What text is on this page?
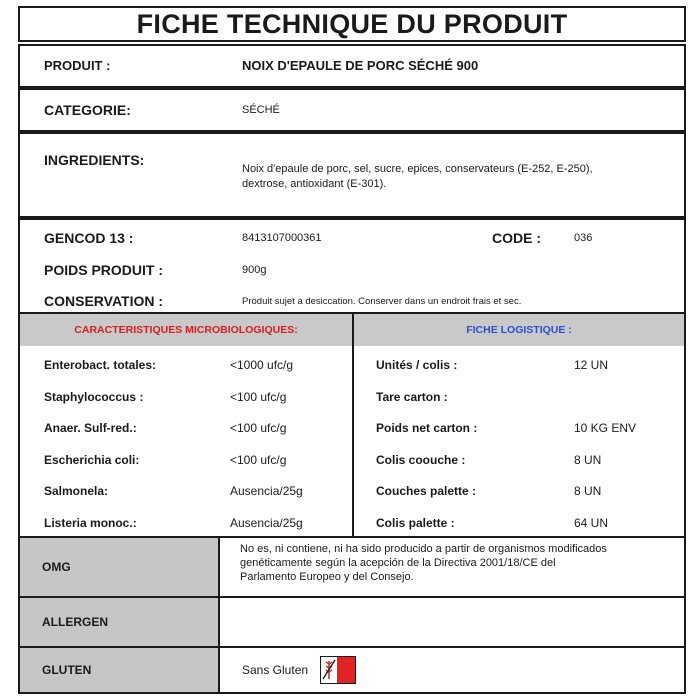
FICHE TECHNIQUE DU PRODUIT
PRODUIT :	NOIX D'EPAULE DE PORC SÉCHÉ 900
CATEGORIE:	SÉCHÉ
INGREDIENTS:
Noix d'epaule de porc, sel, sucre, epices, conservateurs (E-252, E-250),
dextrose, antioxidant (E-301).
GENCOD 13 :	8413107000361	CODE :	036
POIDS PRODUIT :	900g
CONSERVATION :	Produit sujet a desiccation. Conserver dans un endroit frais et sec.
CARACTERISTIQUES MICROBIOLOGIQUES:
Enterobact. totales:	<1000 ufc/g
Staphylococcus :	<100 ufc/g
Anaer. Sulf-red.:	<100 ufc/g
Escherichia coli:	<100 ufc/g
Salmonela:	Ausencia/25g
Listeria monoc.:	Ausencia/25g
FICHE LOGISTIQUE :
Unités / colis :	12 UN
Tare carton :
Poids net carton :	10 KG ENV
Colis coouche :	8 UN
Couches palette :	8 UN
Colis palette :	64 UN
OMG
No es, ni contiene, ni ha sido producido a partir de organismos modificados
genéticamente según la acepción de la Directiva 2001/18/CE del
Parlamento Europeo y del Consejo.
ALLERGEN
GLUTEN	Sans Gluten
